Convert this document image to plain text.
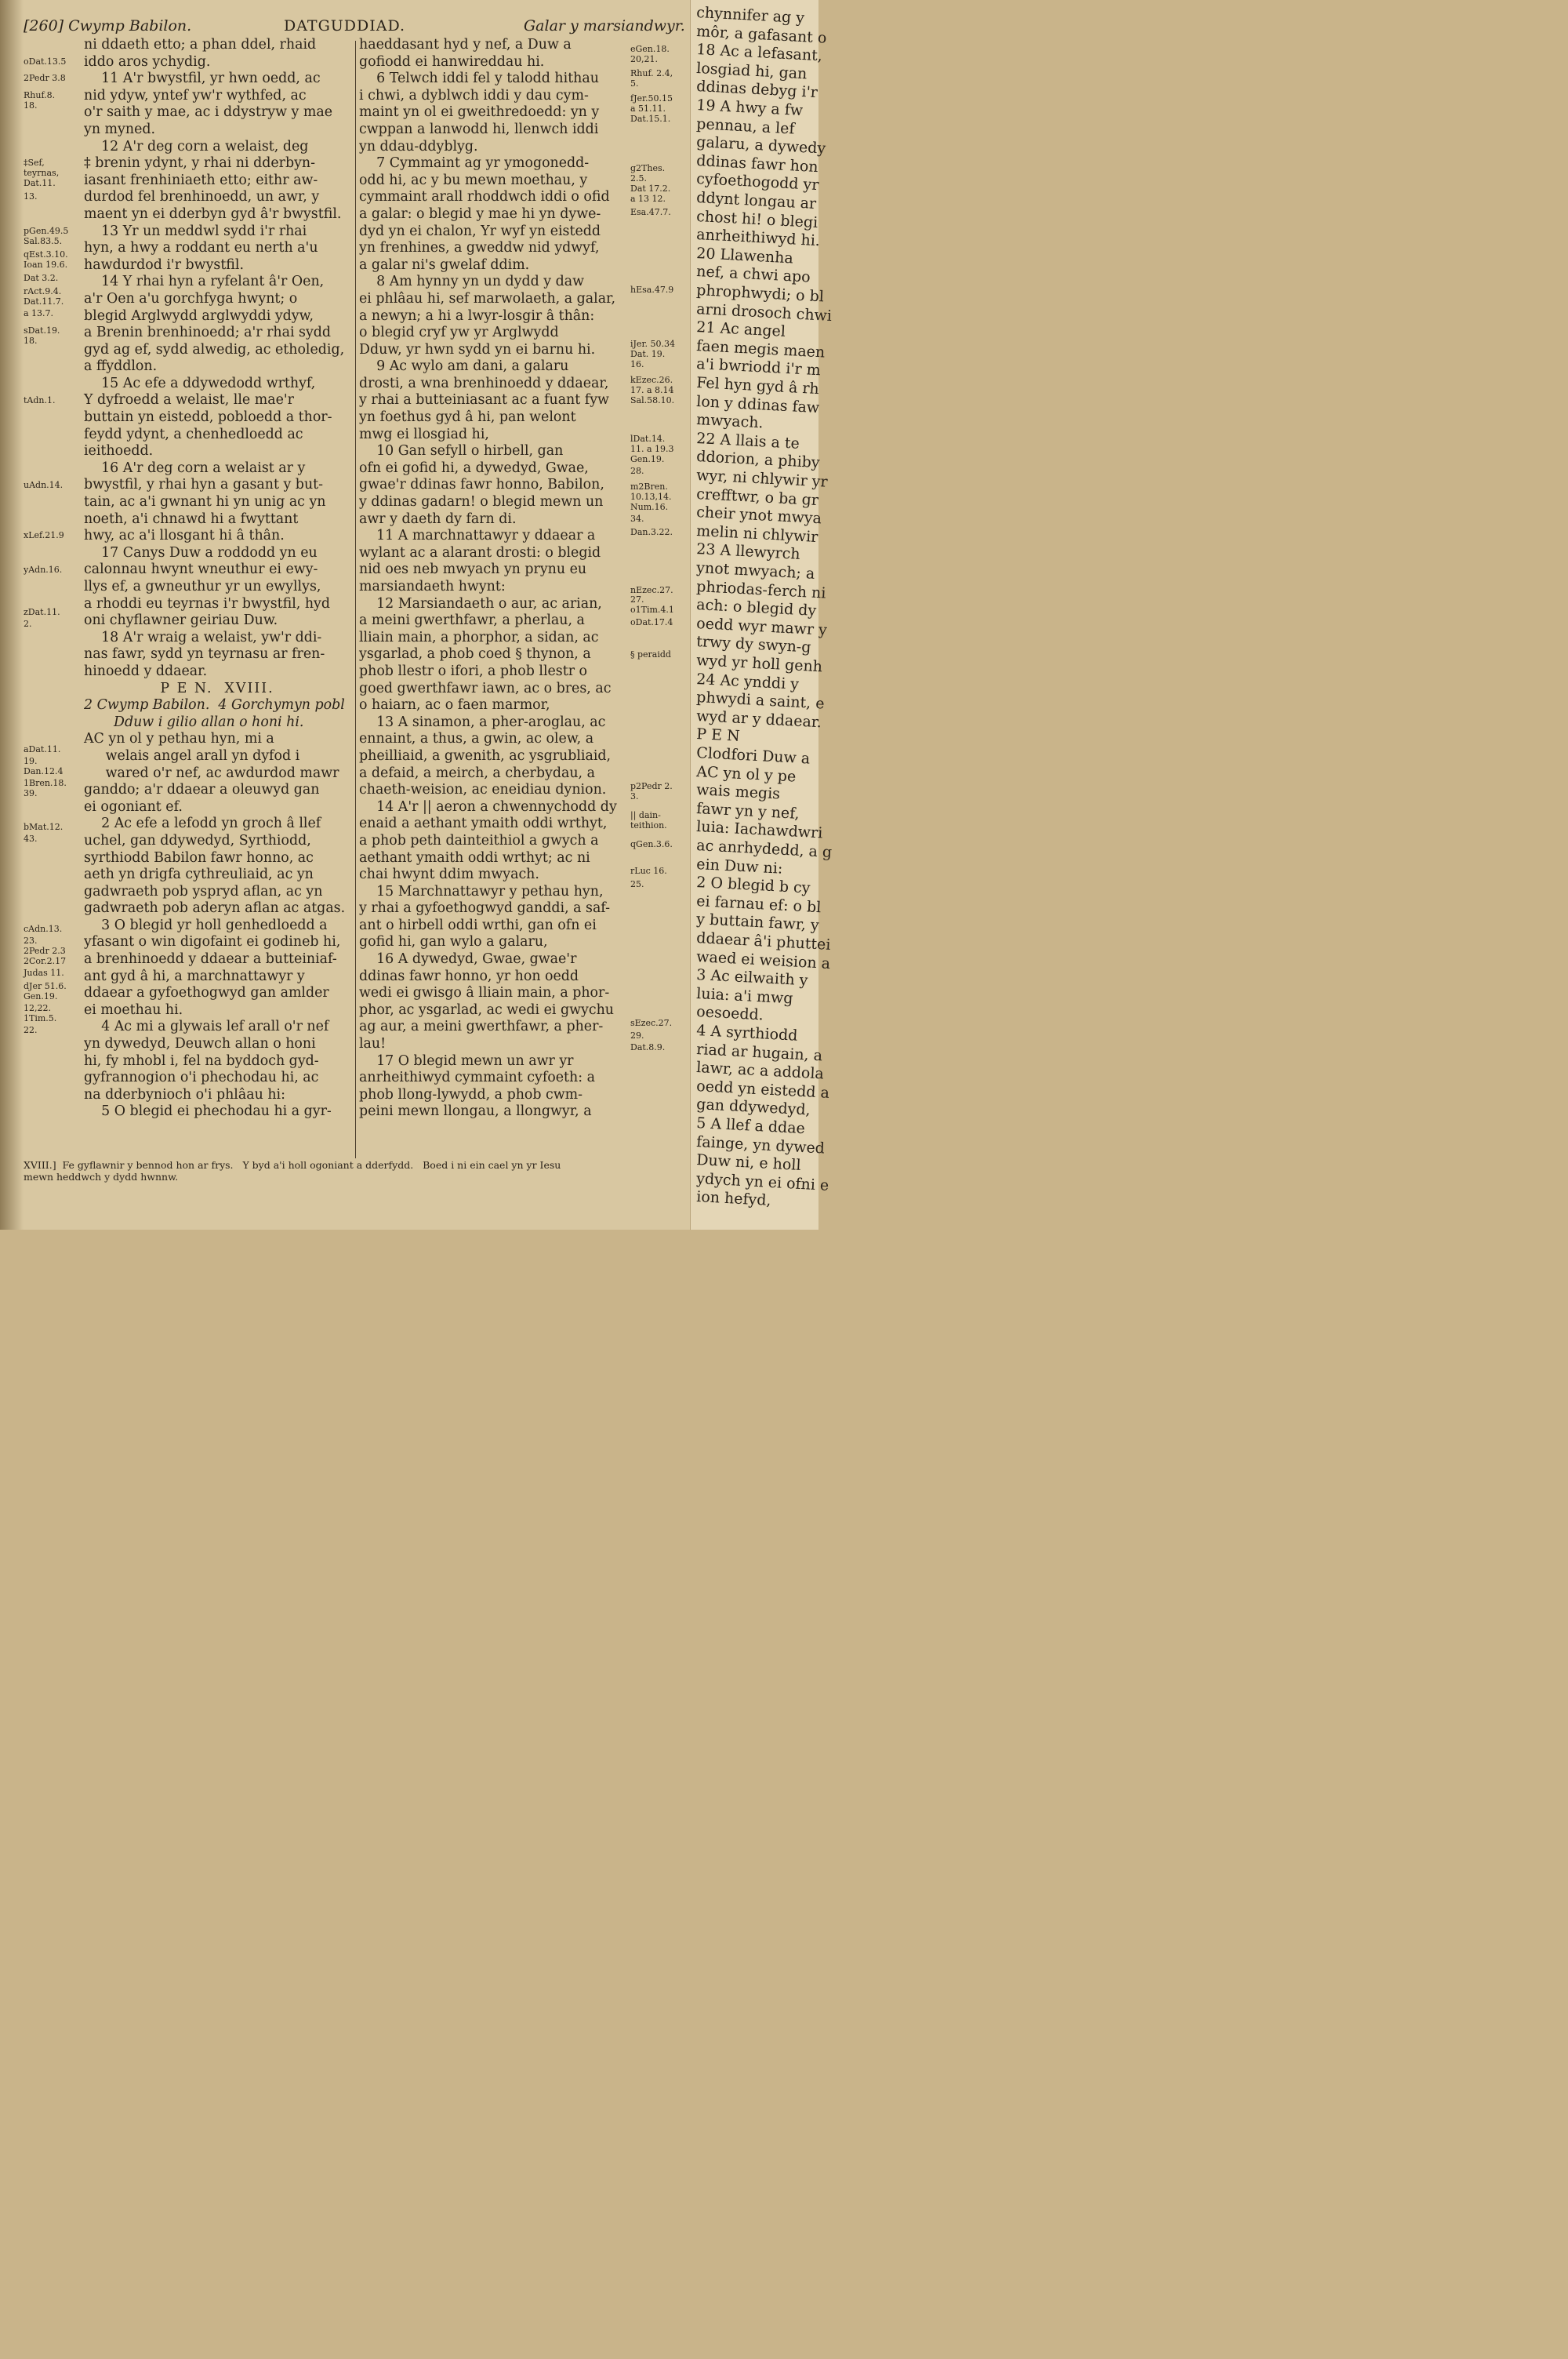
[260] Cwymp Babilon.	DATGUDDIAD.	Galar y marsiandwyr.
ni ddaeth etto; a phan ddel, rhaid
iddo aros ychydig.
11 A'r bwystfil, yr hwn oedd, ac
nid ydyw, yntef yw'r wythfed, ac
o'r saith y mae, ac i ddystryw y mae
yn myned.
12 A'r deg corn a welaist, deg
‡ brenin ydynt, y rhai ni dderbyn-
iasant frenhiniaeth etto; eithr aw-
durdod fel brenhinoedd, un awr, y
maent yn ei dderbyn gyd â'r bwystfil.
13 Yr un meddwl sydd i'r rhai
hyn, a hwy a roddant eu nerth a'u
hawdurdod i'r bwystfil.
14 Y rhai hyn a ryfelant â'r Oen,
a'r Oen a'u gorchfyga hwynt; o
blegid Arglwydd arglwyddi ydyw,
a Brenin brenhinoedd; a'r rhai sydd
gyd ag ef, sydd alwedig, ac etholedig,
a ffyddlon.
15 Ac efe a ddywedodd wrthyf,
Y dyfroedd a welaist, lle mae'r
buttain yn eistedd, pobloedd a thor-
feydd ydynt, a chenhedloedd ac
ieithoedd.
16 A'r deg corn a welaist ar y
bwystfil, y rhai hyn a gasant y but-
tain, ac a'i gwnant hi yn unig ac yn
noeth, a'i chnawd hi a fwyttant
hwy, ac a'i llosgant hi â thân.
17 Canys Duw a roddodd yn eu
calonnau hwynt wneuthur ei ewy-
llys ef, a gwneuthur yr un ewyllys,
a rhoddi eu teyrnas i'r bwystfil, hyd
oni chyflawner geiriau Duw.
18 A'r wraig a welaist, yw'r ddi-
nas fawr, sydd yn teyrnasu ar fren-
hinoedd y ddaear.
P E N.  XVIII.
2 Cwymp Babilon.  4 Gorchymyn pobl
Dduw i gilio allan o honi hi.
AC yn ol y pethau hyn, mi a
welais angel arall yn dyfod i
wared o'r nef, ac awdurdod mawr
ganddo; a'r ddaear a oleuwyd gan
ei ogoniant ef.
2 Ac efe a lefodd yn groch â llef
uchel, gan ddywedyd, Syrthiodd,
syrthiodd Babilon fawr honno, ac
aeth yn drigfa cythreuliaid, ac yn
gadwraeth pob yspryd aflan, ac yn
gadwraeth pob aderyn aflan ac atgas.
3 O blegid yr holl genhedloedd a
yfasant o win digofaint ei godineb hi,
a brenhinoedd y ddaear a butteiniaf-
ant gyd â hi, a marchnattawyr y
ddaear a gyfoethogwyd gan amlder
ei moethau hi.
4 Ac mi a glywais lef arall o'r nef
yn dywedyd, Deuwch allan o honi
hi, fy mhobl i, fel na byddoch gyd-
gyfrannogion o'i phechodau hi, ac
na dderbynioch o'i phlâau hi:
5 O blegid ei phechodau hi a gyr-
haeddasant hyd y nef, a Duw a
gofiodd ei hanwireddau hi.
6 Telwch iddi fel y talodd hithau
i chwi, a dyblwch iddi y dau cym-
maint yn ol ei gweithredoedd: yn y
cwppan a lanwodd hi, llenwch iddi
yn ddau-ddyblyg.
7 Cymmaint ag yr ymogonedd-
odd hi, ac y bu mewn moethau, y
cymmaint arall rhoddwch iddi o ofid
a galar: o blegid y mae hi yn dywe-
dyd yn ei chalon, Yr wyf yn eistedd
yn frenhines, a gweddw nid ydwyf,
a galar ni's gwelaf ddim.
8 Am hynny yn un dydd y daw
ei phlâau hi, sef marwolaeth, a galar,
a newyn; a hi a lwyr-losgir â thân:
o blegid cryf yw yr Arglwydd
Dduw, yr hwn sydd yn ei barnu hi.
9 Ac wylo am dani, a galaru
drosti, a wna brenhinoedd y ddaear,
y rhai a butteiniasant ac a fuant fyw
yn foethus gyd â hi, pan welont
mwg ei llosgiad hi,
10 Gan sefyll o hirbell, gan
ofn ei gofid hi, a dywedyd, Gwae,
gwae'r ddinas fawr honno, Babilon,
y ddinas gadarn! o blegid mewn un
awr y daeth dy farn di.
11 A marchnattawyr y ddaear a
wylant ac a alarant drosti: o blegid
nid oes neb mwyach yn prynu eu
marsiandaeth hwynt:
12 Marsiandaeth o aur, ac arian,
a meini gwerthfawr, a pherlau, a
lliain main, a phorphor, a sidan, ac
ysgarlad, a phob coed § thynon, a
phob llestr o ifori, a phob llestr o
goed gwerthfawr iawn, ac o bres, ac
o haiarn, ac o faen marmor,
13 A sinamon, a pher-aroglau, ac
ennaint, a thus, a gwin, ac olew, a
pheilliaid, a gwenith, ac ysgrubliaid,
a defaid, a meirch, a cherbydau, a
chaeth-weision, ac eneidiau dynion.
14 A'r || aeron a chwennychodd dy
enaid a aethant ymaith oddi wrthyt,
a phob peth dainteithiol a gwych a
aethant ymaith oddi wrthyt; ac ni
chai hwynt ddim mwyach.
15 Marchnattawyr y pethau hyn,
y rhai a gyfoethogwyd ganddi, a saf-
ant o hirbell oddi wrthi, gan ofn ei
gofid hi, gan wylo a galaru,
16 A dywedyd, Gwae, gwae'r
ddinas fawr honno, yr hon oedd
wedi ei gwisgo â lliain main, a phor-
phor, ac ysgarlad, ac wedi ei gwychu
ag aur, a meini gwerthfawr, a pher-
lau!
17 O blegid mewn un awr yr
anrheithiwyd cymmaint cyfoeth: a
phob llong-lywydd, a phob cwm-
peini mewn llongau, a llongwyr, a
oDat.13.5
2Pedr 3.8
Rhuf.8.
18.
‡Sef,
teyrnas,
Dat.11.
13.
pGen.49.5
Sal.83.5.
qEst.3.10.
Ioan 19.6.
Dat 3.2.
rAct.9.4.
Dat.11.7.
a 13.7.
sDat.19.
18.
tAdn.1.
uAdn.14.
xLef.21.9
yAdn.16.
zDat.11.
2.
aDat.11.
19.
Dan.12.4
1Bren.18.
39.
bMat.12.
43.
cAdn.13.
23.
2Pedr 2.3
2Cor.2.17
Judas 11.
dJer 51.6.
Gen.19.
12,22.
1Tim.5.
22.
eGen.18.
20,21.
Rhuf. 2.4,
5.
fJer.50.15
a 51.11.
Dat.15.1.
g2Thes.
2.5.
Dat 17.2.
a 13 12.
Esa.47.7.
hEsa.47.9
iJer. 50.34
Dat. 19.
16.
kEzec.26.
17. a 8.14
Sal.58.10.
lDat.14.
11. a 19.3
Gen.19.
28.
m2Bren.
10.13,14.
Num.16.
34.
Dan.3.22.
nEzec.27.
27.
o1Tim.4.1
oDat.17.4
§ peraidd
p2Pedr 2.
3.
|| dain-
teithion.
qGen.3.6.
rLuc 16.
25.
sEzec.27.
29.
Dat.8.9.
XVIII.]  Fe gyflawnir y bennod hon ar frys.   Y byd a'i holl ogoniant a dderfydd.   Boed i ni ein cael yn yr Iesu
mewn heddwch y dydd hwnnw.
chynnifer ag y
môr, a gafasant o
18 Ac a lefasant,
losgiad hi, gan
ddinas debyg i'r
19 A hwy a fw
pennau, a lef
galaru, a dywedy
ddinas fawr hon
cyfoethogodd yr
ddynt longau ar
chost hi! o blegi
anrheithiwyd hi.
20 Llawenha
nef, a chwi apo
phrophwydi; o bl
arni drosoch chwi
21 Ac angel
faen megis maen
a'i bwriodd i'r m
Fel hyn gyd â rh
lon y ddinas faw
mwyach.
22 A llais a te
ddorion, a phiby
wyr, ni chlywir yr
crefftwr, o ba gr
cheir ynot mwya
melin ni chlywir
23 A llewyrch
ynot mwyach; a
phriodas-ferch ni
ach: o blegid dy
oedd wyr mawr y
trwy dy swyn-g
wyd yr holl genh
24 Ac ynddi y
phwydi a saint, e
wyd ar y ddaear.
P E N
Clodfori Duw a
AC yn ol y pe
wais megis
fawr yn y nef,
luia: Iachawdwri
ac anrhydedd, a g
ein Duw ni:
2 O blegid b cy
ei farnau ef: o bl
y buttain fawr, y
ddaear â'i phuttei
waed ei weision a
3 Ac eilwaith y
luia: a'i mwg
oesoedd.
4 A syrthiodd
riad ar hugain, a
lawr, ac a addola
oedd yn eistedd a
gan ddywedyd,
5 A llef a ddae
fainge, yn dywed
Duw ni, e holl
ydych yn ei ofni e
ion hefyd,
